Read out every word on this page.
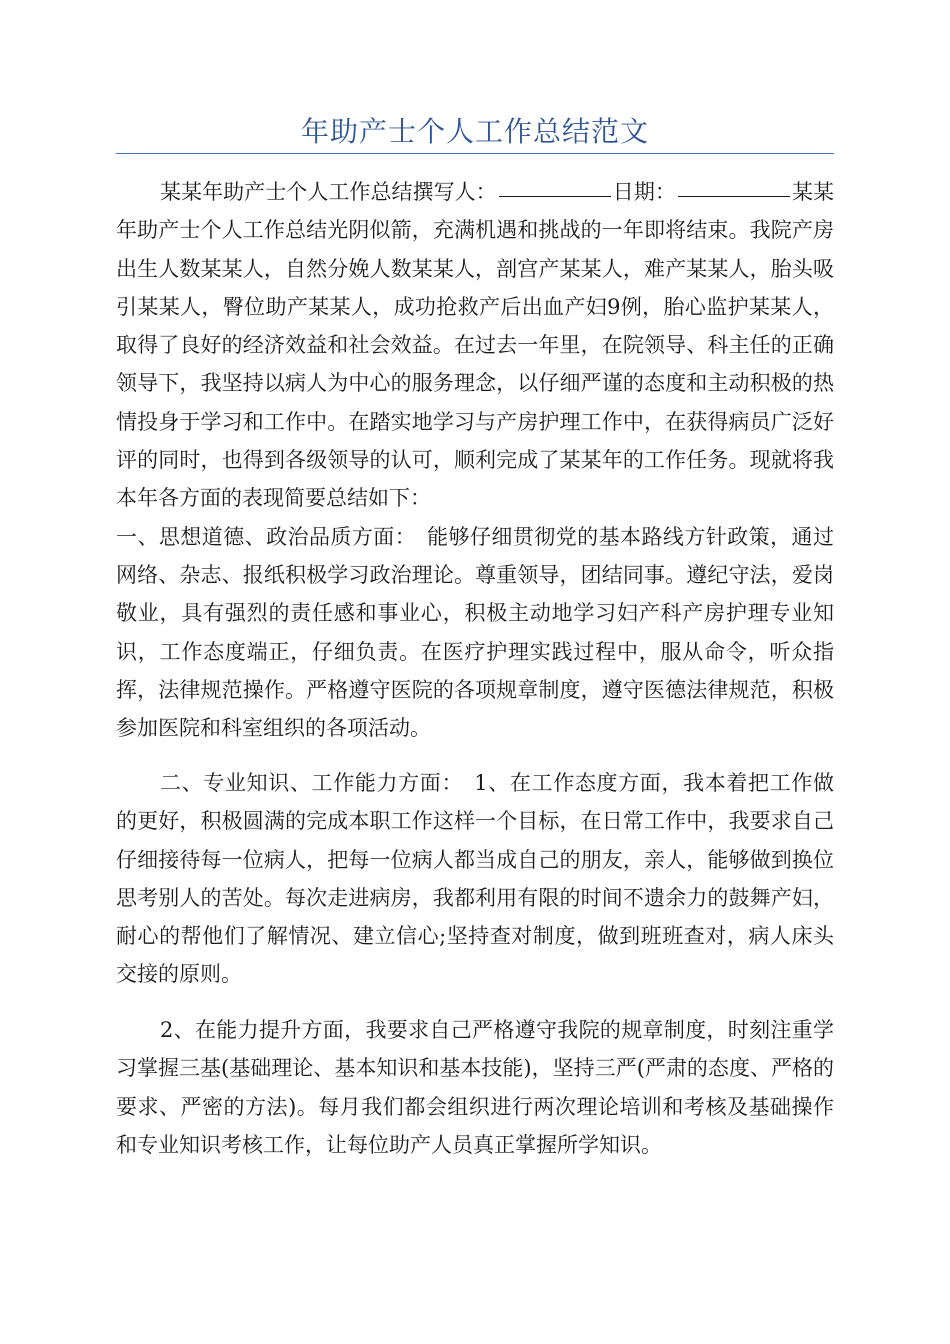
年助产士个人工作总结范文

某某年助产士个人工作总结撰写人：	日期：	某某年助产士个人工作总结光阴似箭，充满机遇和挑战的一年即将结束。我院产房出生人数某某人，自然分娩人数某某人，剖宫产某某人，难产某某人，胎头吸引某某人，臀位助产某某人，成功抢救产后出血产妇9例，胎心监护某某人，取得了良好的经济效益和社会效益。在过去一年里，在院领导、科主任的正确领导下，我坚持以病人为中心的服务理念，以仔细严谨的态度和主动积极的热情投身于学习和工作中。在踏实地学习与产房护理工作中，在获得病员广泛好评的同时，也得到各级领导的认可，顺利完成了某某年的工作任务。现就将我本年各方面的表现简要总结如下：

一、思想道德、政治品质方面：　能够仔细贯彻党的基本路线方针政策，通过网络、杂志、报纸积极学习政治理论。尊重领导，团结同事。遵纪守法，爱岗敬业，具有强烈的责任感和事业心，积极主动地学习妇产科产房护理专业知识，工作态度端正，仔细负责。在医疗护理实践过程中，服从命令，听众指挥，法律规范操作。严格遵守医院的各项规章制度，遵守医德法律规范，积极参加医院和科室组织的各项活动。

二、专业知识、工作能力方面：　1、在工作态度方面，我本着把工作做的更好，积极圆满的完成本职工作这样一个目标，在日常工作中，我要求自己仔细接待每一位病人，把每一位病人都当成自己的朋友，亲人，能够做到换位思考别人的苦处。每次走进病房，我都利用有限的时间不遗余力的鼓舞产妇，耐心的帮他们了解情况、建立信心;坚持查对制度，做到班班查对，病人床头交接的原则。

2、在能力提升方面，我要求自己严格遵守我院的规章制度，时刻注重学习掌握三基(基础理论、基本知识和基本技能)，坚持三严(严肃的态度、严格的要求、严密的方法)。每月我们都会组织进行两次理论培训和考核及基础操作和专业知识考核工作，让每位助产人员真正掌握所学知识。
